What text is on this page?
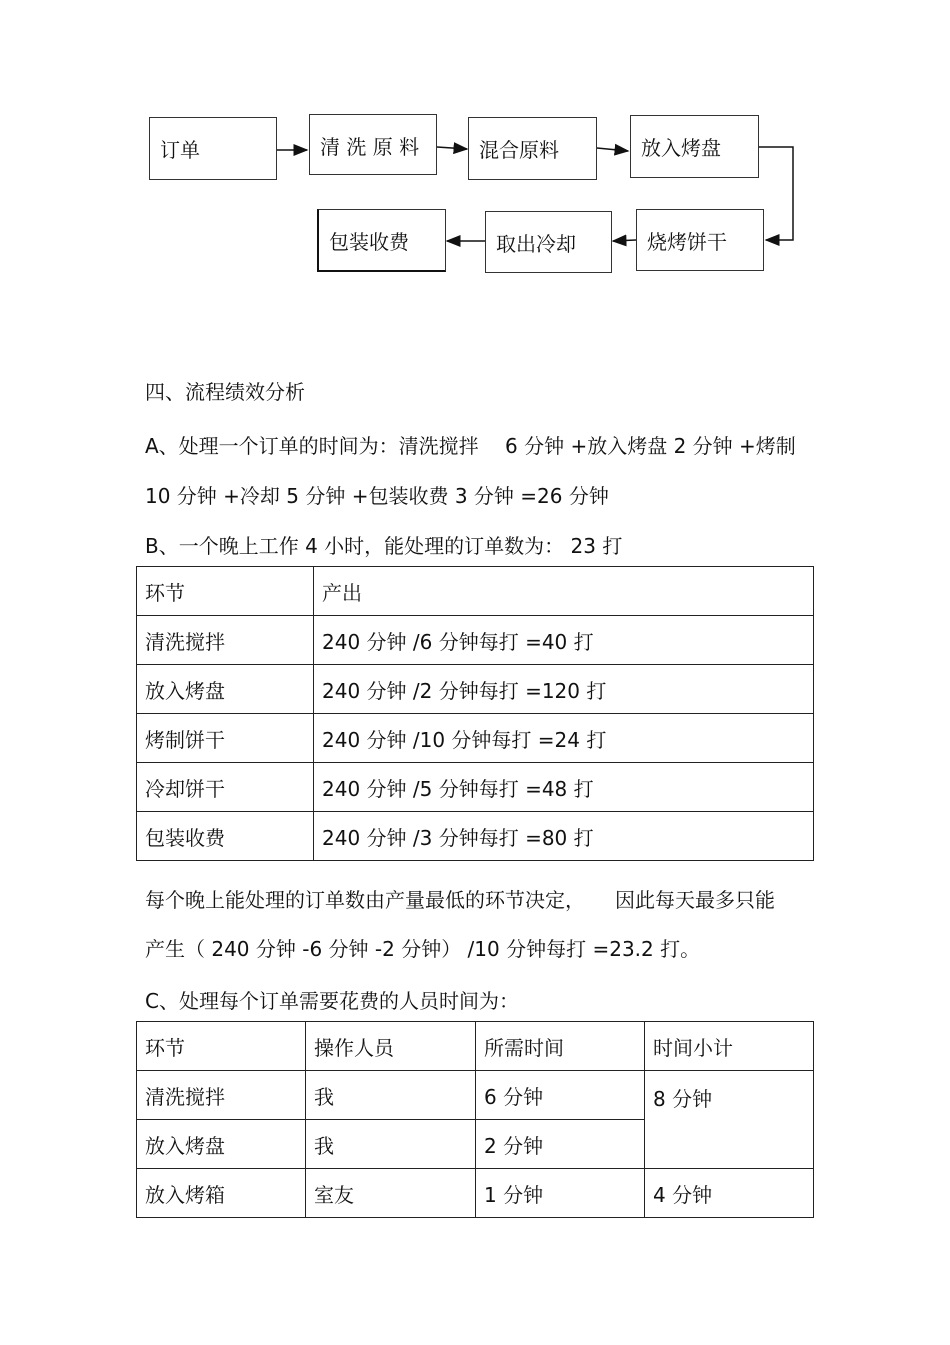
订单	清 洗 原 料	混合原料	放入烤盘
烧烤饼干
取出冷却
包装收费
四、流程绩效分析
A、处理一个订单的时间为：清洗搅拌　 6 分钟 +放入烤盘 2 分钟 +烤制
10 分钟 +冷却 5 分钟 +包装收费 3 分钟 =26 分钟
B、一个晚上工作 4 小时，能处理的订单数为： 23 打
环节	产出
清洗搅拌	240 分钟 /6 分钟每打 =40 打
放入烤盘	240 分钟 /2 分钟每打 =120 打
烤制饼干	240 分钟 /10 分钟每打 =24 打
冷却饼干	240 分钟 /5 分钟每打 =48 打
包装收费	240 分钟 /3 分钟每打 =80 打
每个晚上能处理的订单数由产量最低的环节决定，　　因此每天最多只能
产生（ 240 分钟 -6 分钟 -2 分钟） /10 分钟每打 =23.2 打。
C、处理每个订单需要花费的人员时间为：
环节	操作人员	所需时间	时间小计
清洗搅拌	我	6 分钟	8 分钟
放入烤盘	我	2 分钟	
放入烤箱	室友	1 分钟	4 分钟
